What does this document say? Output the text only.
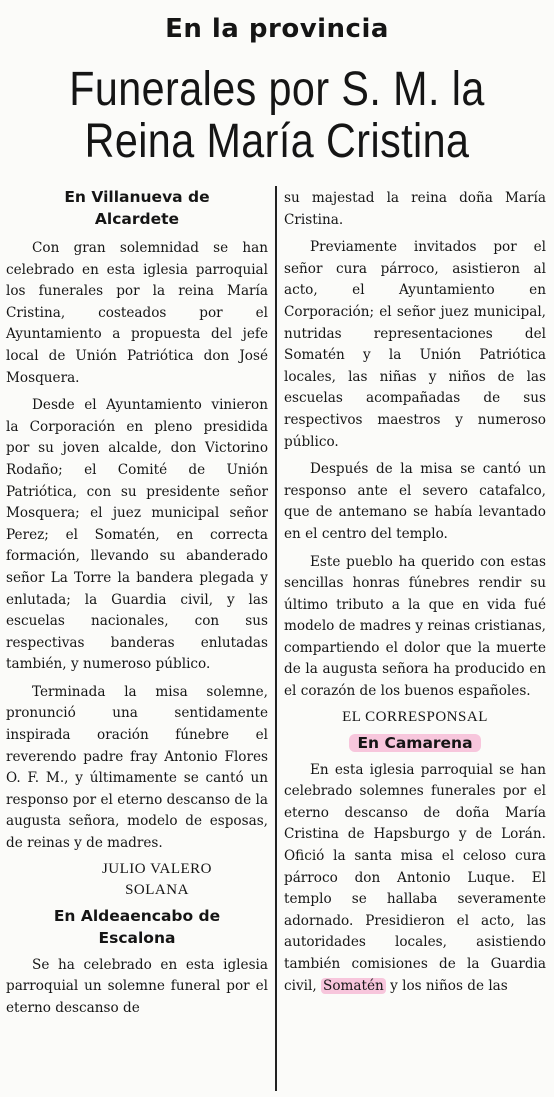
En la provincia
Funerales por S. M. la
Reina María Cristina

En Villanueva de Alcardete

Con gran solemnidad se han celebrado en esta iglesia parroquial los funerales por la reina María Cristina, costeados por el Ayuntamiento a propuesta del jefe local de Unión Patriótica don José Mosquera.

Desde el Ayuntamiento vinieron la Corporación en pleno presidida por su joven alcalde, don Victorino Rodaño; el Comité de Unión Patriótica, con su presidente señor Mosquera; el juez municipal señor Perez; el Somatén, en correcta formación, llevando su abanderado señor La Torre la bandera plegada y enlutada; la Guardia civil, y las escuelas nacionales, con sus respectivas banderas enlutadas también, y numeroso público.

Terminada la misa solemne, pronunció una sentidamente inspirada oración fúnebre el reverendo padre fray Antonio Flores O. F. M., y últimamente se cantó un responso por el eterno descanso de la augusta señora, modelo de esposas, de reinas y de madres.

JULIO VALERO SOLANA

En Aldeaencabo de Escalona

Se ha celebrado en esta iglesia parroquial un solemne funeral por el eterno descanso de

su majestad la reina doña María Cristina.

Previamente invitados por el señor cura párroco, asistieron al acto, el Ayuntamiento en Corporación; el señor juez municipal, nutridas representaciones del Somatén y la Unión Patriótica locales, las niñas y niños de las escuelas acompañadas de sus respectivos maestros y numeroso público.

Después de la misa se cantó un responso ante el severo catafalco, que de antemano se había levantado en el centro del templo.

Este pueblo ha querido con estas sencillas honras fúnebres rendir su último tributo a la que en vida fué modelo de madres y reinas cristianas, compartiendo el dolor que la muerte de la augusta señora ha producido en el corazón de los buenos españoles.

EL CORRESPONSAL

En Camarena

En esta iglesia parroquial se han celebrado solemnes funerales por el eterno descanso de doña María Cristina de Hapsburgo y de Lorán. Ofició la santa misa el celoso cura párroco don Antonio Luque. El templo se hallaba severamente adornado. Presidieron el acto, las autoridades locales, asistiendo también comisiones de la Guardia civil, Somatén y los niños de las
